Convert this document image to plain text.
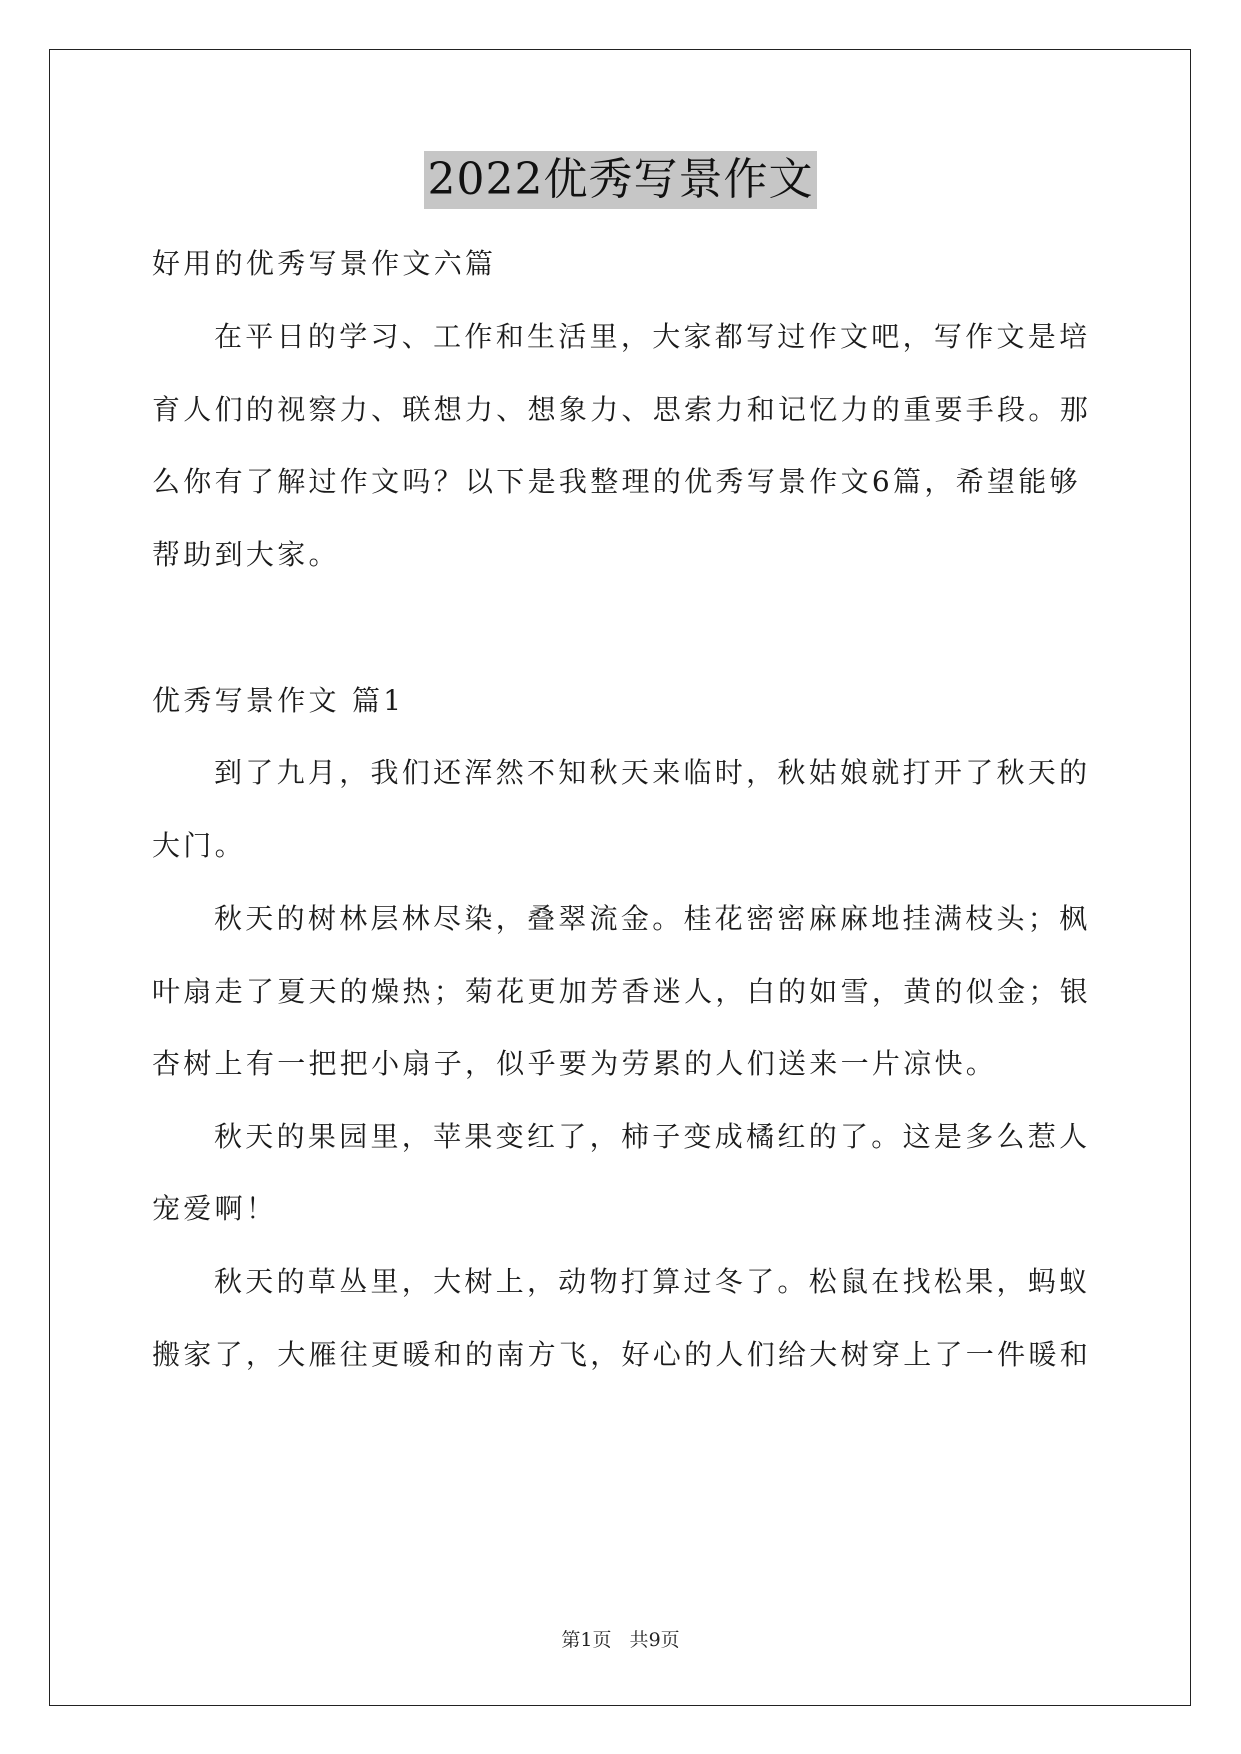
2022优秀写景作文
好用的优秀写景作文六篇
在平日的学习、工作和生活里，大家都写过作文吧，写作文是培
育人们的视察力、联想力、想象力、思索力和记忆力的重要手段。那
么你有了解过作文吗？以下是我整理的优秀写景作文6篇，希望能够
帮助到大家。
优秀写景作文 篇1
到了九月，我们还浑然不知秋天来临时，秋姑娘就打开了秋天的
大门。
秋天的树林层林尽染，叠翠流金。桂花密密麻麻地挂满枝头；枫
叶扇走了夏天的燥热；菊花更加芳香迷人，白的如雪，黄的似金；银
杏树上有一把把小扇子，似乎要为劳累的人们送来一片凉快。
秋天的果园里，苹果变红了，柿子变成橘红的了。这是多么惹人
宠爱啊！
秋天的草丛里，大树上，动物打算过冬了。松鼠在找松果，蚂蚁
搬家了，大雁往更暖和的南方飞，好心的人们给大树穿上了一件暖和
第1页   共9页
